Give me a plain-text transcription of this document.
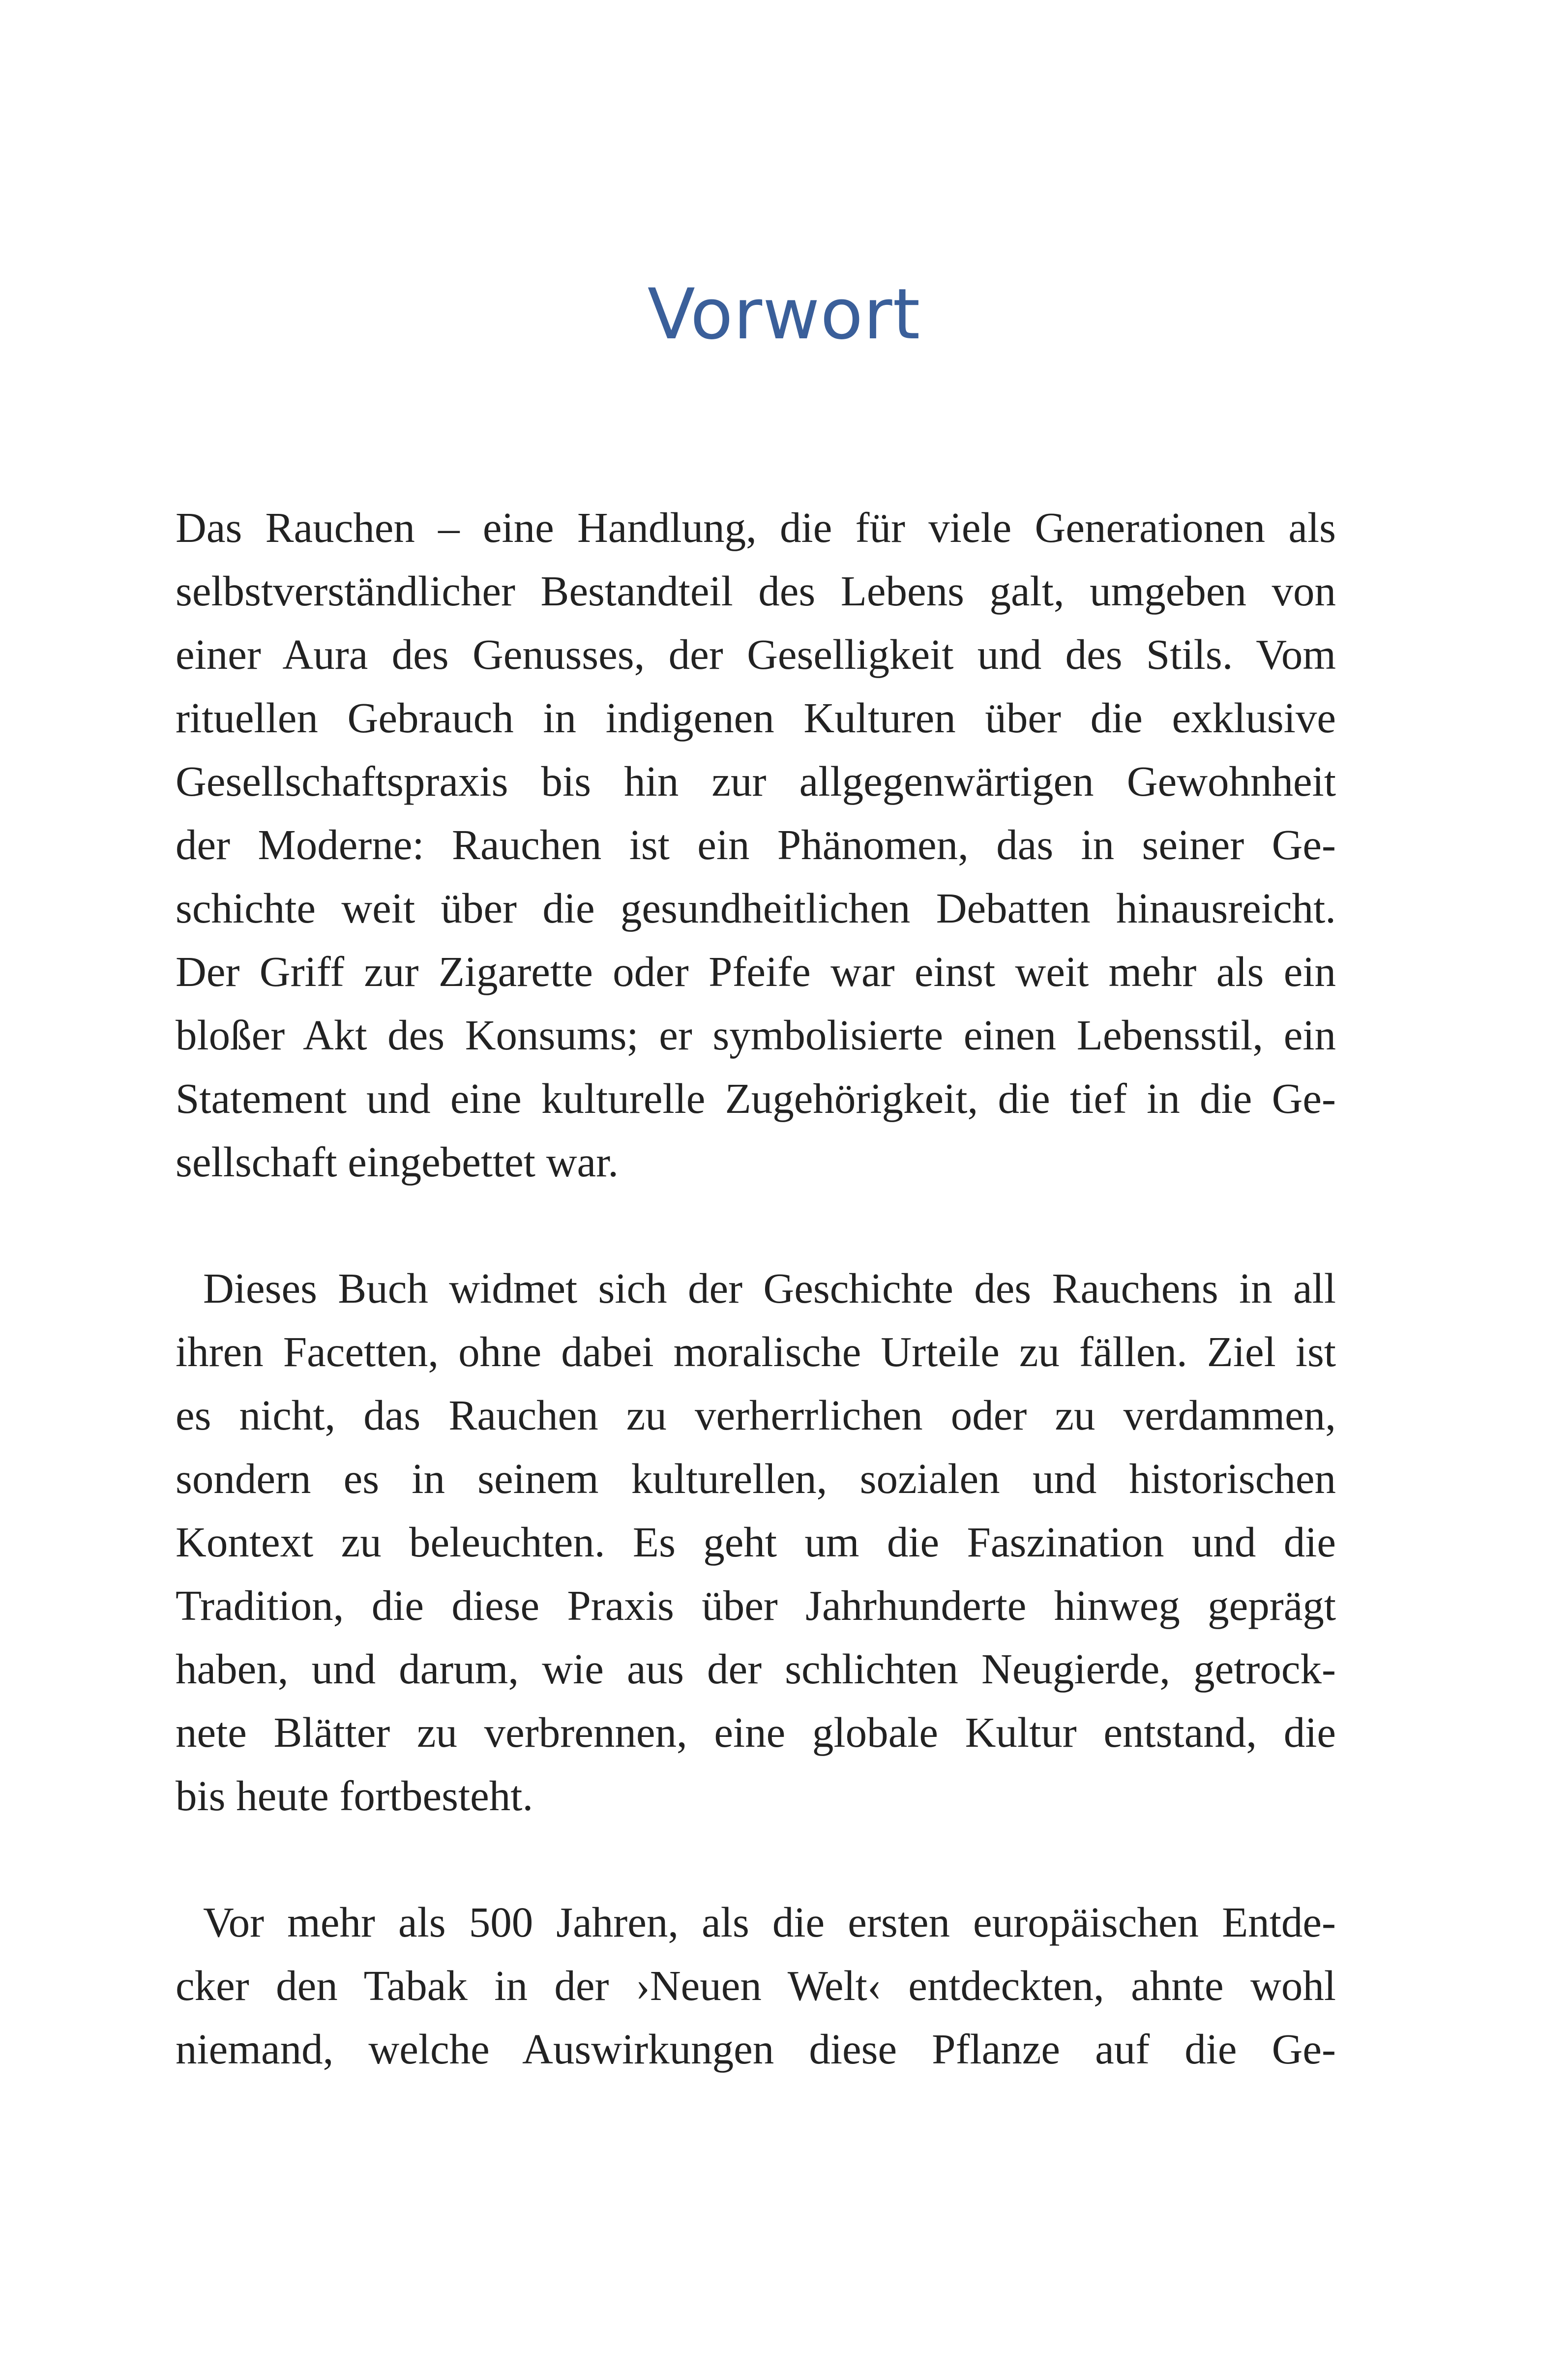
Vorwort
Das Rauchen – eine Handlung, die für viele Generationen als
selbstverständlicher Bestandteil des Lebens galt, umgeben von
einer Aura des Genusses, der Geselligkeit und des Stils. Vom
rituellen Gebrauch in indigenen Kulturen über die exklusive
Gesellschaftspraxis bis hin zur allgegenwärtigen Gewohnheit
der Moderne: Rauchen ist ein Phänomen, das in seiner Ge-
schichte weit über die gesundheitlichen Debatten hinausreicht.
Der Griff zur Zigarette oder Pfeife war einst weit mehr als ein
bloßer Akt des Konsums; er symbolisierte einen Lebensstil, ein
Statement und eine kulturelle Zugehörigkeit, die tief in die Ge-
sellschaft eingebettet war.
Dieses Buch widmet sich der Geschichte des Rauchens in all
ihren Facetten, ohne dabei moralische Urteile zu fällen. Ziel ist
es nicht, das Rauchen zu verherrlichen oder zu verdammen,
sondern es in seinem kulturellen, sozialen und historischen
Kontext zu beleuchten. Es geht um die Faszination und die
Tradition, die diese Praxis über Jahrhunderte hinweg geprägt
haben, und darum, wie aus der schlichten Neugierde, getrock-
nete Blätter zu verbrennen, eine globale Kultur entstand, die
bis heute fortbesteht.
Vor mehr als 500 Jahren, als die ersten europäischen Entde-
cker den Tabak in der ›Neuen Welt‹ entdeckten, ahnte wohl
niemand, welche Auswirkungen diese Pflanze auf die Ge-
